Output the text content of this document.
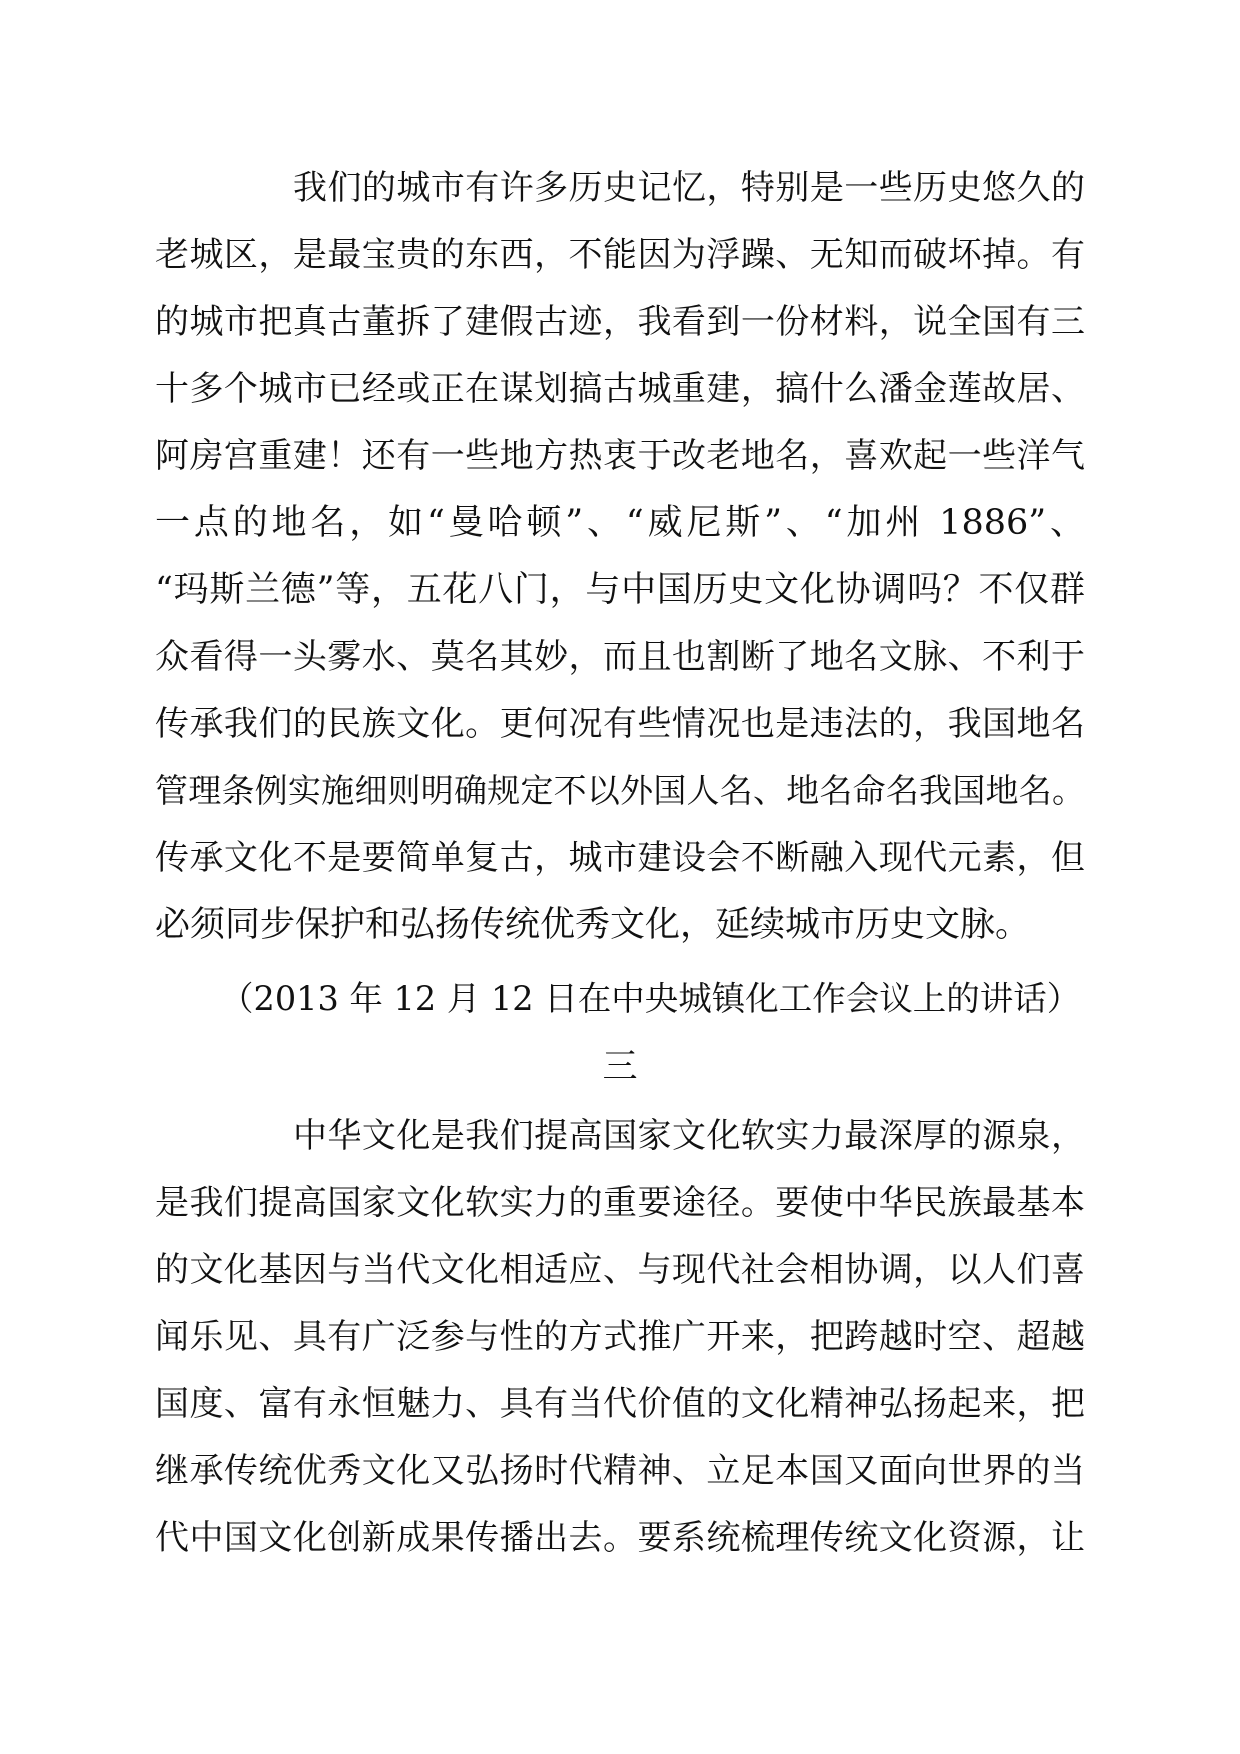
我们的城市有许多历史记忆，特别是一些历史悠久的

老城区，是最宝贵的东西，不能因为浮躁、无知而破坏掉。有

的城市把真古董拆了建假古迹，我看到一份材料，说全国有三

十多个城市已经或正在谋划搞古城重建，搞什么潘金莲故居、

阿房宫重建！还有一些地方热衷于改老地名，喜欢起一些洋气

一点的地名，如“曼哈顿”、“威尼斯”、“加州 1886”、

“玛斯兰德”等，五花八门，与中国历史文化协调吗？不仅群

众看得一头雾水、莫名其妙，而且也割断了地名文脉、不利于

传承我们的民族文化。更何况有些情况也是违法的，我国地名

管理条例实施细则明确规定不以外国人名、地名命名我国地名。

传承文化不是要简单复古，城市建设会不断融入现代元素，但

必须同步保护和弘扬传统优秀文化，延续城市历史文脉。

（2013 年 12 月 12 日在中央城镇化工作会议上的讲话）
三

中华文化是我们提高国家文化软实力最深厚的源泉，

是我们提高国家文化软实力的重要途径。要使中华民族最基本

的文化基因与当代文化相适应、与现代社会相协调，以人们喜

闻乐见、具有广泛参与性的方式推广开来，把跨越时空、超越

国度、富有永恒魅力、具有当代价值的文化精神弘扬起来，把

继承传统优秀文化又弘扬时代精神、立足本国又面向世界的当

代中国文化创新成果传播出去。要系统梳理传统文化资源，让
